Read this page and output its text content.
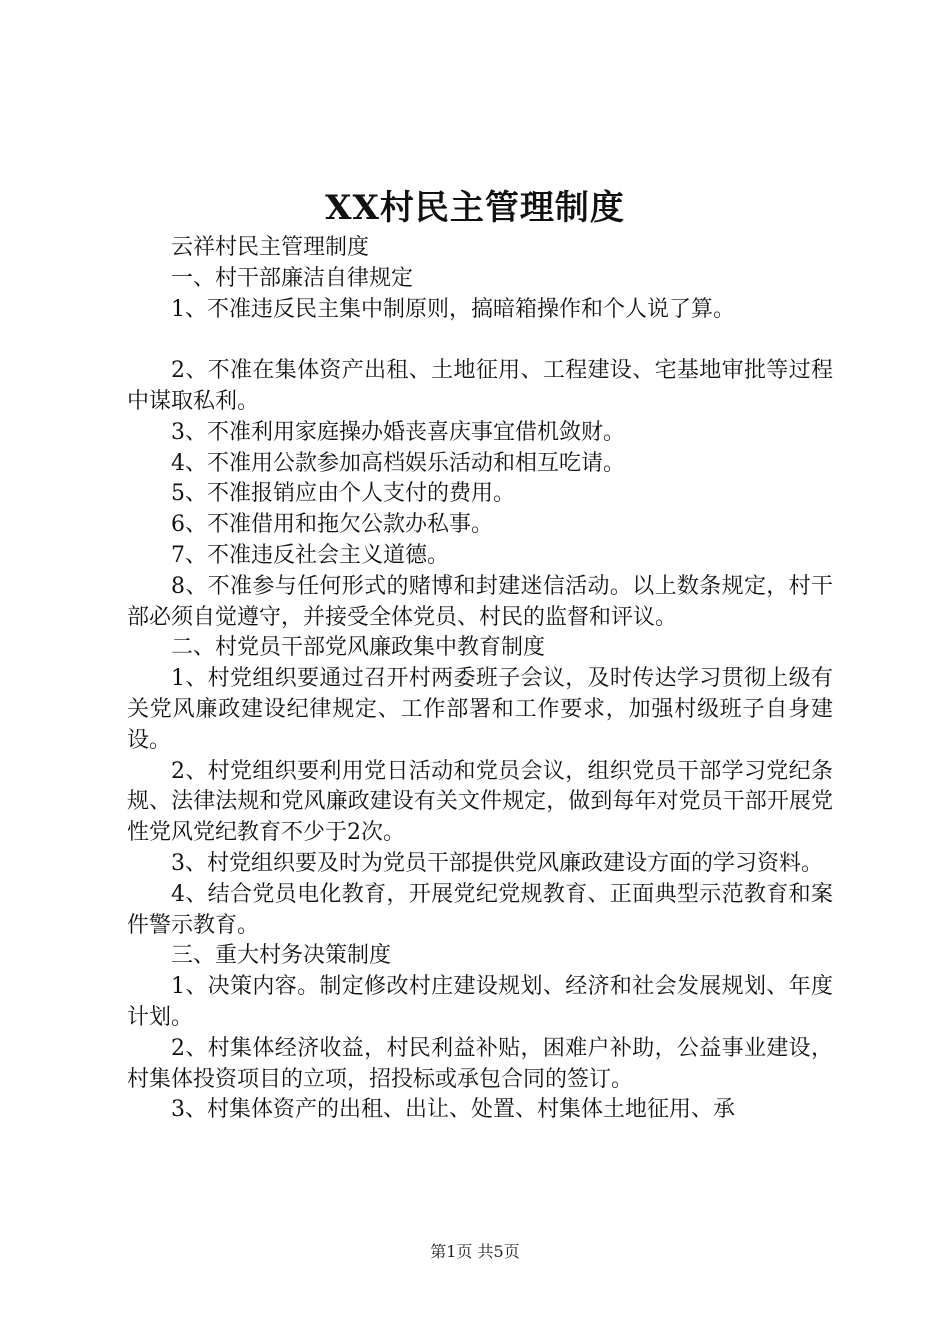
XX村民主管理制度

云祥村民主管理制度

一、村干部廉洁自律规定

1、不准违反民主集中制原则，搞暗箱操作和个人说了算。

2、不准在集体资产出租、土地征用、工程建设、宅基地审批等过程中谋取私利。

3、不准利用家庭操办婚丧喜庆事宜借机敛财。

4、不准用公款参加高档娱乐活动和相互吃请。

5、不准报销应由个人支付的费用。

6、不准借用和拖欠公款办私事。

7、不准违反社会主义道德。

8、不准参与任何形式的赌博和封建迷信活动。以上数条规定，村干部必须自觉遵守，并接受全体党员、村民的监督和评议。

二、村党员干部党风廉政集中教育制度

1、村党组织要通过召开村两委班子会议，及时传达学习贯彻上级有关党风廉政建设纪律规定、工作部署和工作要求，加强村级班子自身建设。

2、村党组织要利用党日活动和党员会议，组织党员干部学习党纪条规、法律法规和党风廉政建设有关文件规定，做到每年对党员干部开展党性党风党纪教育不少于2次。

3、村党组织要及时为党员干部提供党风廉政建设方面的学习资料。

4、结合党员电化教育，开展党纪党规教育、正面典型示范教育和案件警示教育。

三、重大村务决策制度

1、决策内容。制定修改村庄建设规划、经济和社会发展规划、年度计划。

2、村集体经济收益，村民利益补贴，困难户补助，公益事业建设，村集体投资项目的立项，招投标或承包合同的签订。

3、村集体资产的出租、出让、处置、村集体土地征用、承

第1页 共5页
